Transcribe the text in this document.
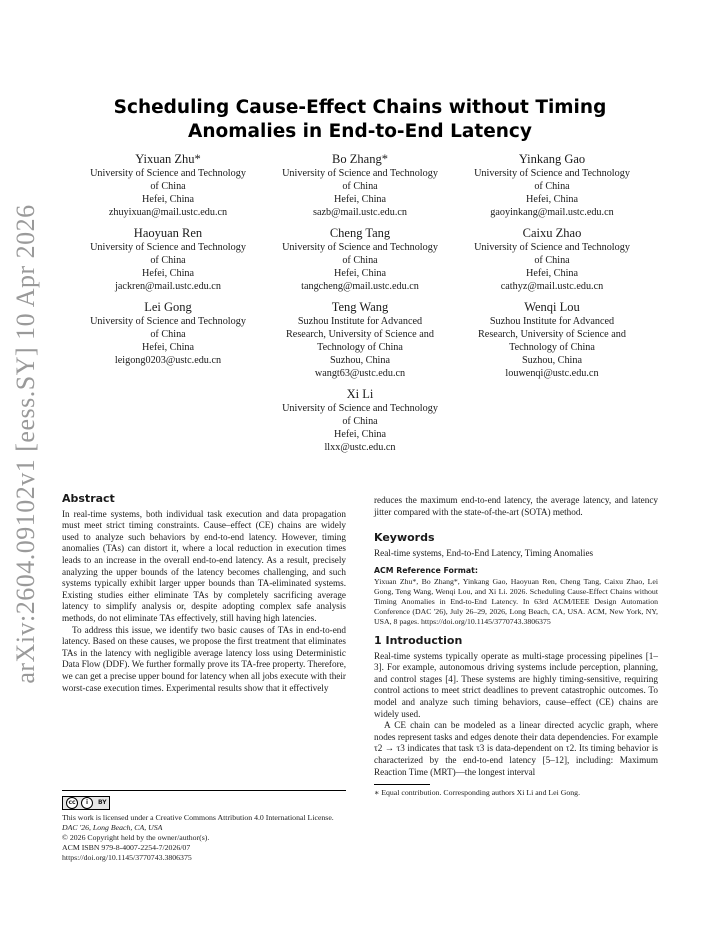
arXiv:2604.09102v1 [eess.SY] 10 Apr 2026
Scheduling Cause-Effect Chains without Timing Anomalies in End-to-End Latency
Yixuan Zhu*
University of Science and Technology
of China
Hefei, China
zhuyixuan@mail.ustc.edu.cn
Bo Zhang*
University of Science and Technology
of China
Hefei, China
sazb@mail.ustc.edu.cn
Yinkang Gao
University of Science and Technology
of China
Hefei, China
gaoyinkang@mail.ustc.edu.cn
Haoyuan Ren
University of Science and Technology
of China
Hefei, China
jackren@mail.ustc.edu.cn
Cheng Tang
University of Science and Technology
of China
Hefei, China
tangcheng@mail.ustc.edu.cn
Caixu Zhao
University of Science and Technology
of China
Hefei, China
cathyz@mail.ustc.edu.cn
Lei Gong
University of Science and Technology
of China
Hefei, China
leigong0203@ustc.edu.cn
Teng Wang
Suzhou Institute for Advanced
Research, University of Science and
Technology of China
Suzhou, China
wangt63@ustc.edu.cn
Wenqi Lou
Suzhou Institute for Advanced
Research, University of Science and
Technology of China
Suzhou, China
louwenqi@ustc.edu.cn
Xi Li
University of Science and Technology
of China
Hefei, China
llxx@ustc.edu.cn
Abstract

In real-time systems, both individual task execution and data propagation must meet strict timing constraints. Cause–effect (CE) chains are widely used to analyze such behaviors by end-to-end latency. However, timing anomalies (TAs) can distort it, where a local reduction in execution times leads to an increase in the overall end-to-end latency. As a result, precisely analyzing the upper bounds of the latency becomes challenging, and such systems typically exhibit larger upper bounds than TA-eliminated systems. Existing studies either eliminate TAs by completely sacrificing average latency to simplify analysis or, despite adopting complex safe analysis methods, do not eliminate TAs effectively, still having high latencies.

To address this issue, we identify two basic causes of TAs in end-to-end latency. Based on these causes, we propose the first treatment that eliminates TAs in the latency with negligible average latency loss using Deterministic Data Flow (DDF). We further formally prove its TA-free property. Therefore, we can get a precise upper bound for latency when all jobs execute with their worst-case execution times. Experimental results show that it effectively

cc	i	BY
This work is licensed under a Creative Commons Attribution 4.0 International License.
DAC '26, Long Beach, CA, USA
© 2026 Copyright held by the owner/author(s).
ACM ISBN 979-8-4007-2254-7/2026/07
https://doi.org/10.1145/3770743.3806375

reduces the maximum end-to-end latency, the average latency, and latency jitter compared with the state-of-the-art (SOTA) method.

Keywords

Real-time systems, End-to-End Latency, Timing Anomalies

ACM Reference Format:

Yixuan Zhu*, Bo Zhang*, Yinkang Gao, Haoyuan Ren, Cheng Tang, Caixu Zhao, Lei Gong, Teng Wang, Wenqi Lou, and Xi Li. 2026. Scheduling Cause-Effect Chains without Timing Anomalies in End-to-End Latency. In 63rd ACM/IEEE Design Automation Conference (DAC '26), July 26–29, 2026, Long Beach, CA, USA. ACM, New York, NY, USA, 8 pages. https://doi.org/10.1145/3770743.3806375

1 Introduction

Real-time systems typically operate as multi-stage processing pipelines [1–3]. For example, autonomous driving systems include perception, planning, and control stages [4]. These systems are highly timing-sensitive, requiring control actions to meet strict deadlines to prevent catastrophic outcomes. To model and analyze such timing behaviors, cause–effect (CE) chains are widely used.

A CE chain can be modeled as a linear directed acyclic graph, where nodes represent tasks and edges denote their data dependencies. For example τ2 → τ3 indicates that task τ3 is data-dependent on τ2. Its timing behavior is characterized by the end-to-end latency [5–12], including: Maximum Reaction Time (MRT)—the longest interval

∗ Equal contribution. Corresponding authors Xi Li and Lei Gong.
